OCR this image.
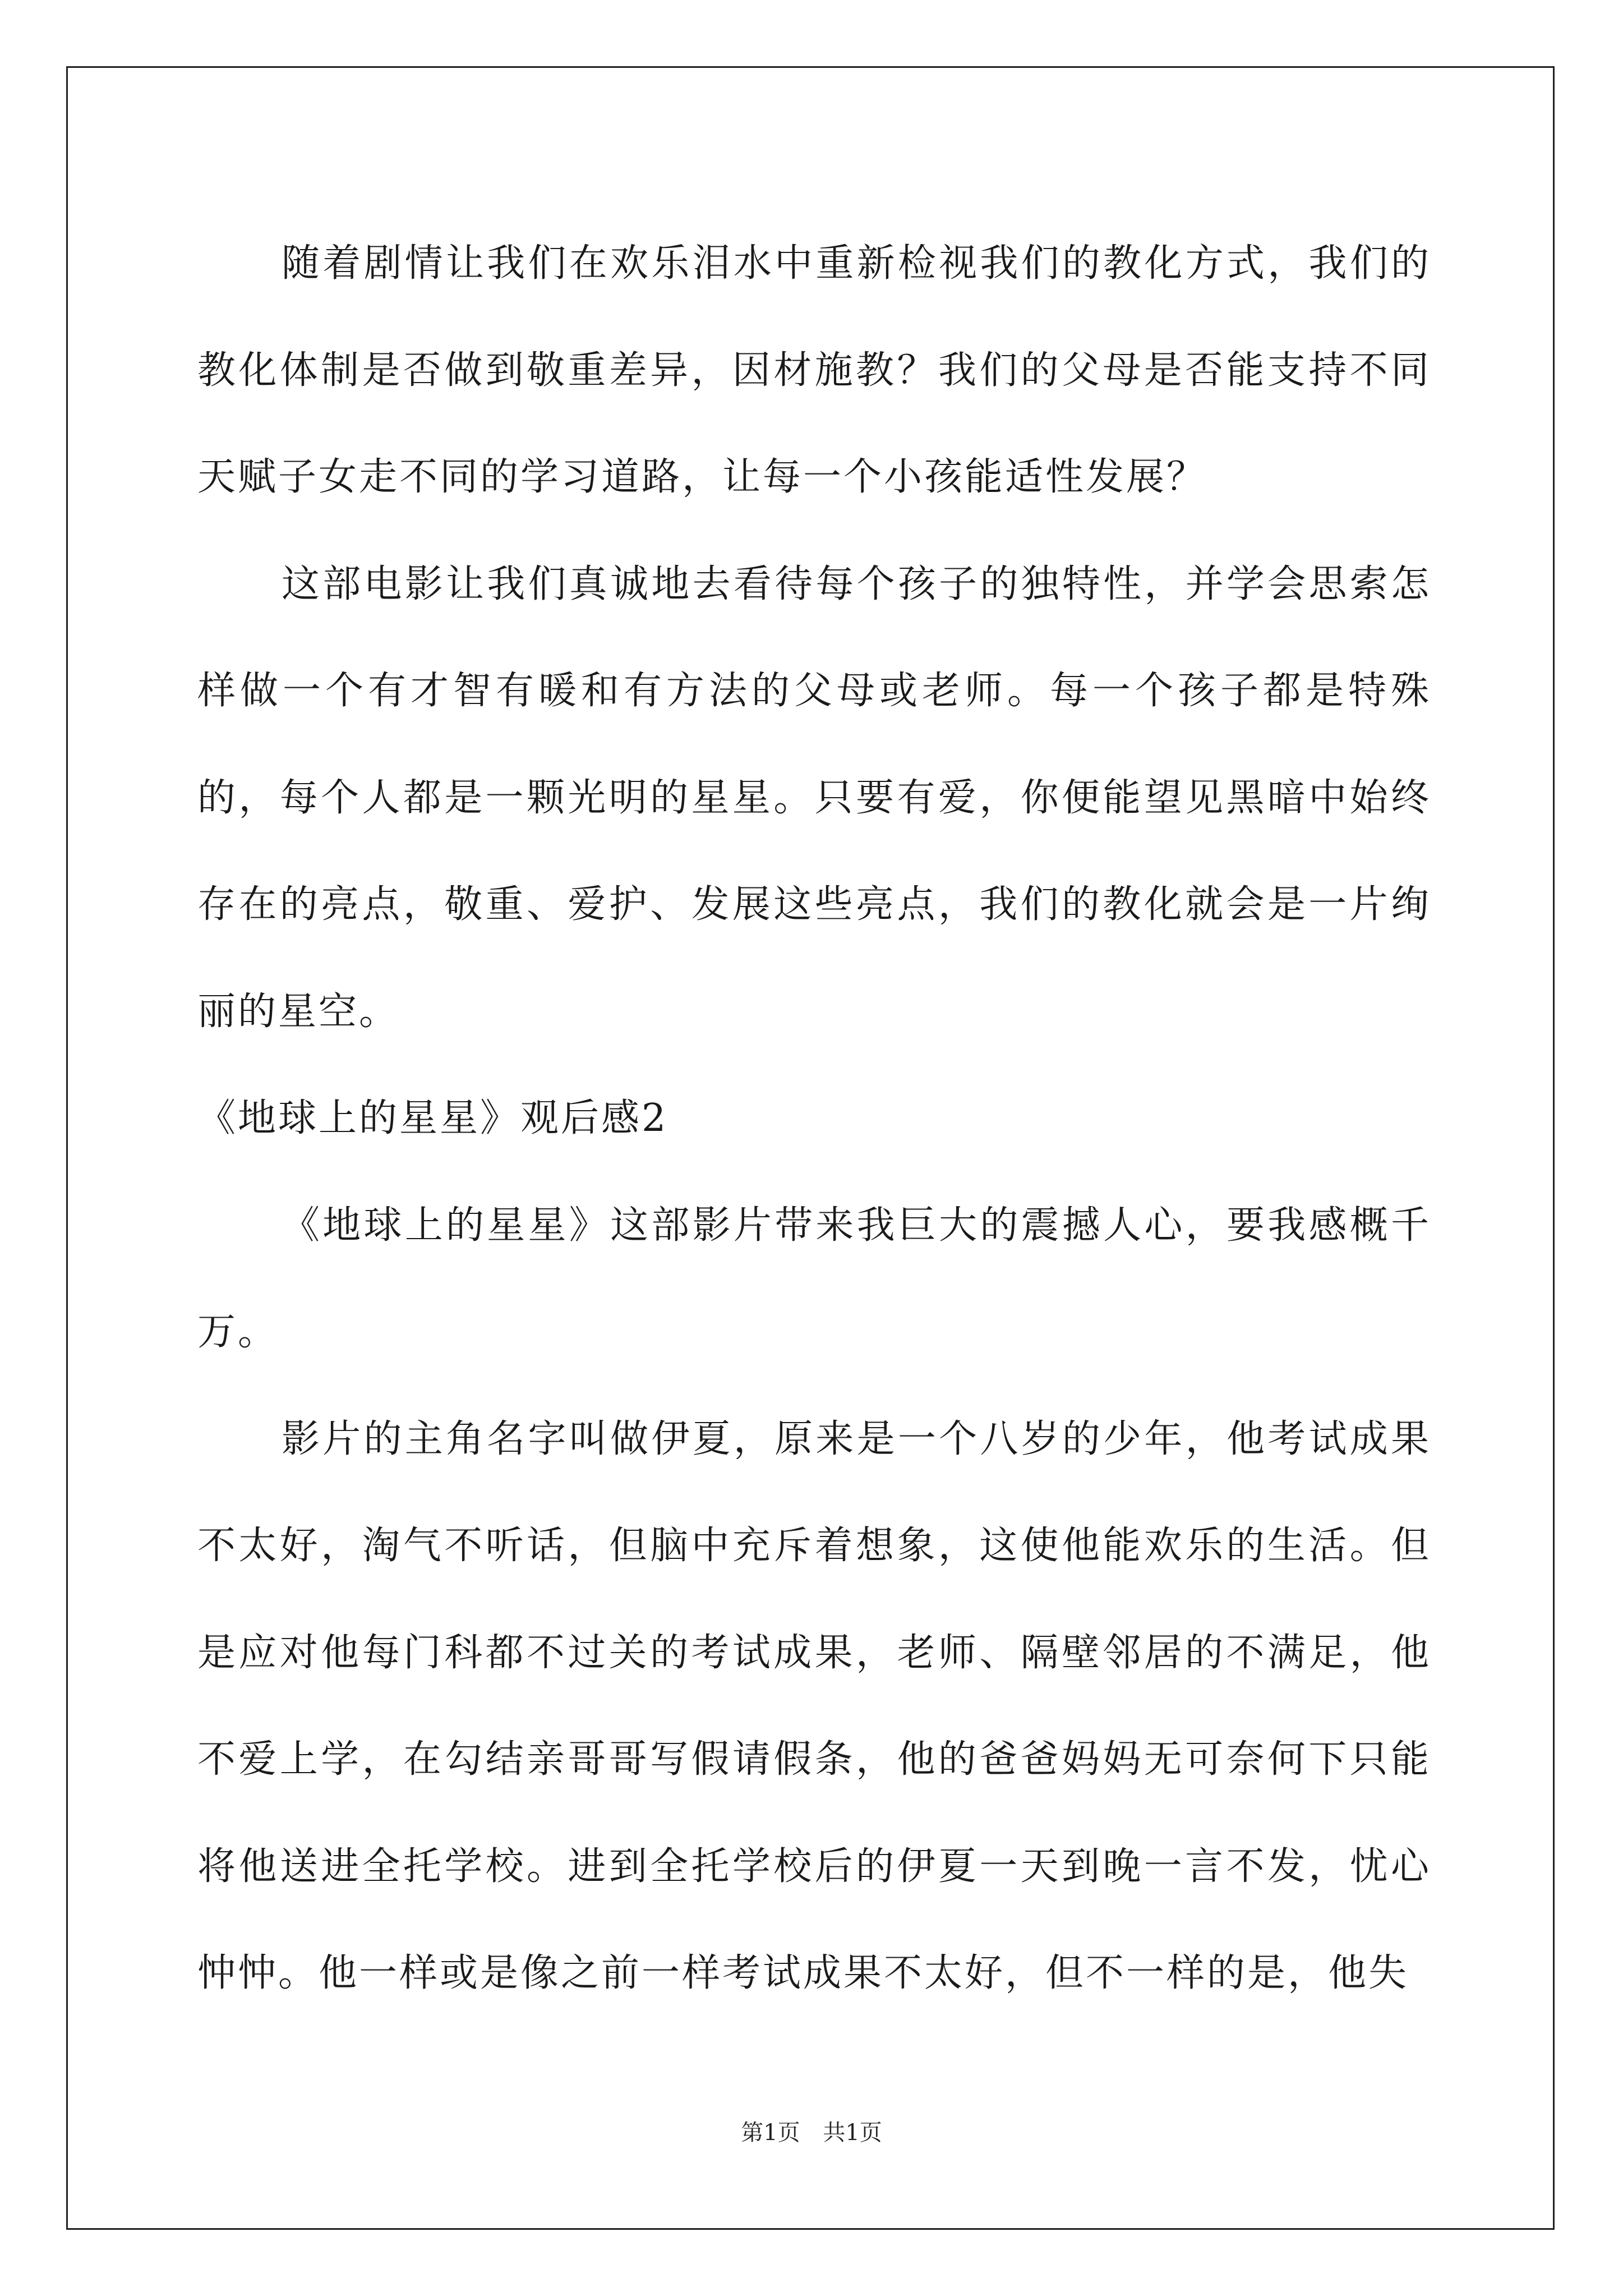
随着剧情让我们在欢乐泪水中重新检视我们的教化方式，我们的教化体制是否做到敬重差异，因材施教？我们的父母是否能支持不同天赋子女走不同的学习道路，让每一个小孩能适性发展？

这部电影让我们真诚地去看待每个孩子的独特性，并学会思索怎样做一个有才智有暖和有方法的父母或老师。每一个孩子都是特殊的，每个人都是一颗光明的星星。只要有爱，你便能望见黑暗中始终存在的亮点，敬重、爱护、发展这些亮点，我们的教化就会是一片绚丽的星空。

《地球上的星星》观后感2

《地球上的星星》这部影片带来我巨大的震撼人心，要我感概千万。

影片的主角名字叫做伊夏，原来是一个八岁的少年，他考试成果不太好，淘气不听话，但脑中充斥着想象，这使他能欢乐的生活。但是应对他每门科都不过关的考试成果，老师、隔壁邻居的不满足，他不爱上学，在勾结亲哥哥写假请假条，他的爸爸妈妈无可奈何下只能将他送进全托学校。进到全托学校后的伊夏一天到晚一言不发，忧心忡忡。他一样或是像之前一样考试成果不太好，但不一样的是，他失

第1页 共1页
